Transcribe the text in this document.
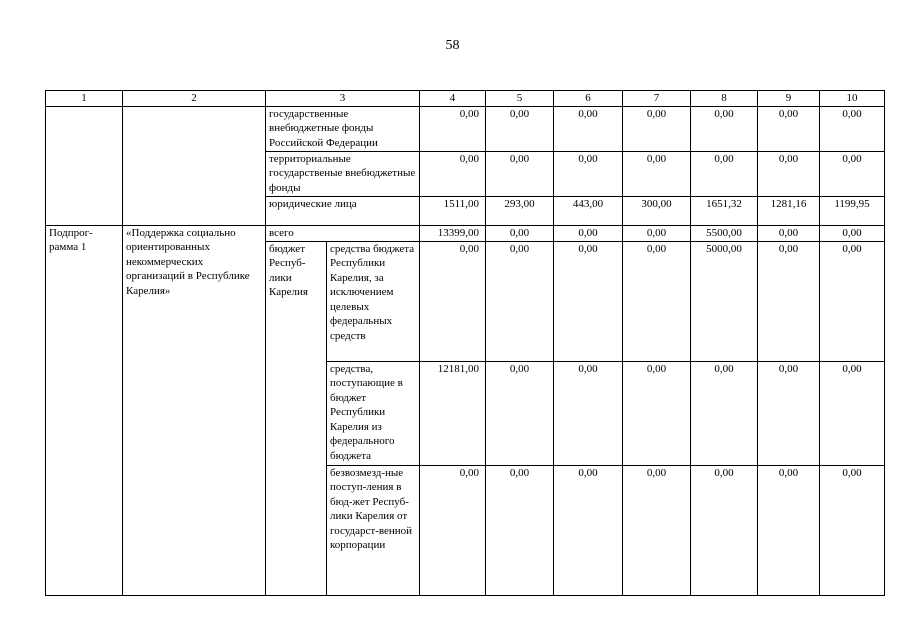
58
1	2	3		4	5	6	7	8	9	10
		государственные внебюджетные фонды Российской Федерации		0,00	0,00	0,00	0,00	0,00	0,00	0,00
		территориальные государственые внебюджетные фонды		0,00	0,00	0,00	0,00	0,00	0,00	0,00
		юридические лица		1511,00	293,00	443,00	300,00	1651,32	1281,16	1199,95
Подпрог-рамма 1	«Поддержка социально ориентированных некоммерческих организаций в Республике Карелия»	всего		13399,00	0,00	0,00	0,00	5500,00	0,00	0,00
		бюджет Респуб-лики Карелия	средства бюджета Республики Карелия, за исключением целевых федеральных средств	0,00	0,00	0,00	0,00	5000,00	0,00	0,00
			средства, поступающие в бюджет Республики Карелия из федерального бюджета	12181,00	0,00	0,00	0,00	0,00	0,00	0,00
			безвозмезд-ные поступ-ления в бюд-жет Респуб-лики Карелия от государст-венной корпорации	0,00	0,00	0,00	0,00	0,00	0,00	0,00
